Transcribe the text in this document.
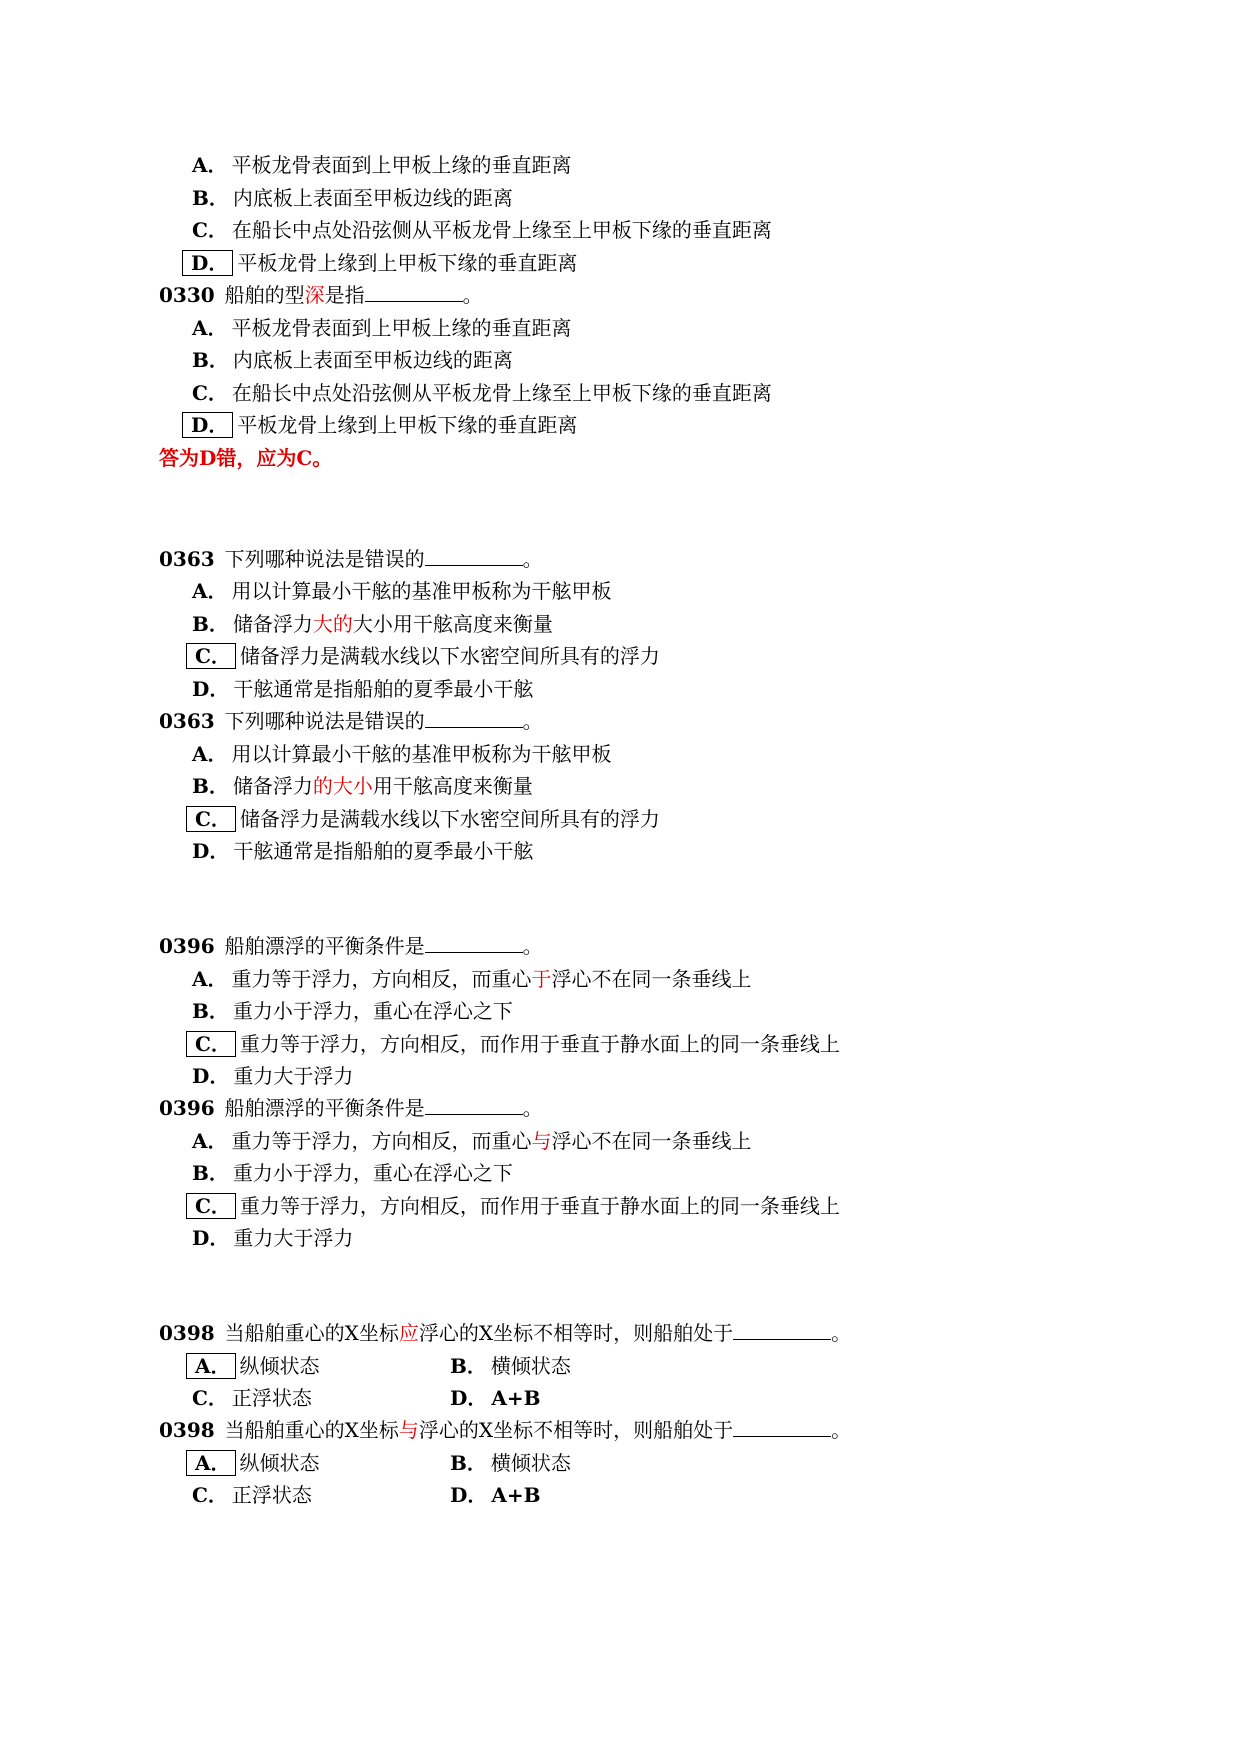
A． 平板龙骨表面到上甲板上缘的垂直距离
B． 内底板上表面至甲板边线的距离
C． 在船长中点处沿弦侧从平板龙骨上缘至上甲板下缘的垂直距离
D． 平板龙骨上缘到上甲板下缘的垂直距离
0330 船舶的型深是指	。
A． 平板龙骨表面到上甲板上缘的垂直距离
B． 内底板上表面至甲板边线的距离
C． 在船长中点处沿弦侧从平板龙骨上缘至上甲板下缘的垂直距离
D． 平板龙骨上缘到上甲板下缘的垂直距离
答为D错，应为C。
0363 下列哪种说法是错误的	。
A． 用以计算最小干舷的基准甲板称为干舷甲板
B． 储备浮力大的大小用干舷高度来衡量
C． 储备浮力是满载水线以下水密空间所具有的浮力
D． 干舷通常是指船舶的夏季最小干舷
0363 下列哪种说法是错误的	。
A． 用以计算最小干舷的基准甲板称为干舷甲板
B． 储备浮力的大小用干舷高度来衡量
C． 储备浮力是满载水线以下水密空间所具有的浮力
D． 干舷通常是指船舶的夏季最小干舷
0396 船舶漂浮的平衡条件是	。
A． 重力等于浮力，方向相反，而重心于浮心不在同一条垂线上
B． 重力小于浮力，重心在浮心之下
C． 重力等于浮力，方向相反，而作用于垂直于静水面上的同一条垂线上
D． 重力大于浮力
0396 船舶漂浮的平衡条件是	。
A． 重力等于浮力，方向相反，而重心与浮心不在同一条垂线上
B． 重力小于浮力，重心在浮心之下
C． 重力等于浮力，方向相反，而作用于垂直于静水面上的同一条垂线上
D． 重力大于浮力
0398 当船舶重心的X坐标应浮心的X坐标不相等时，则船舶处于	。
A． 纵倾状态	B． 横倾状态
C． 正浮状态	D． A+B
0398 当船舶重心的X坐标与浮心的X坐标不相等时，则船舶处于	。
A． 纵倾状态	B． 横倾状态
C． 正浮状态	D． A+B
